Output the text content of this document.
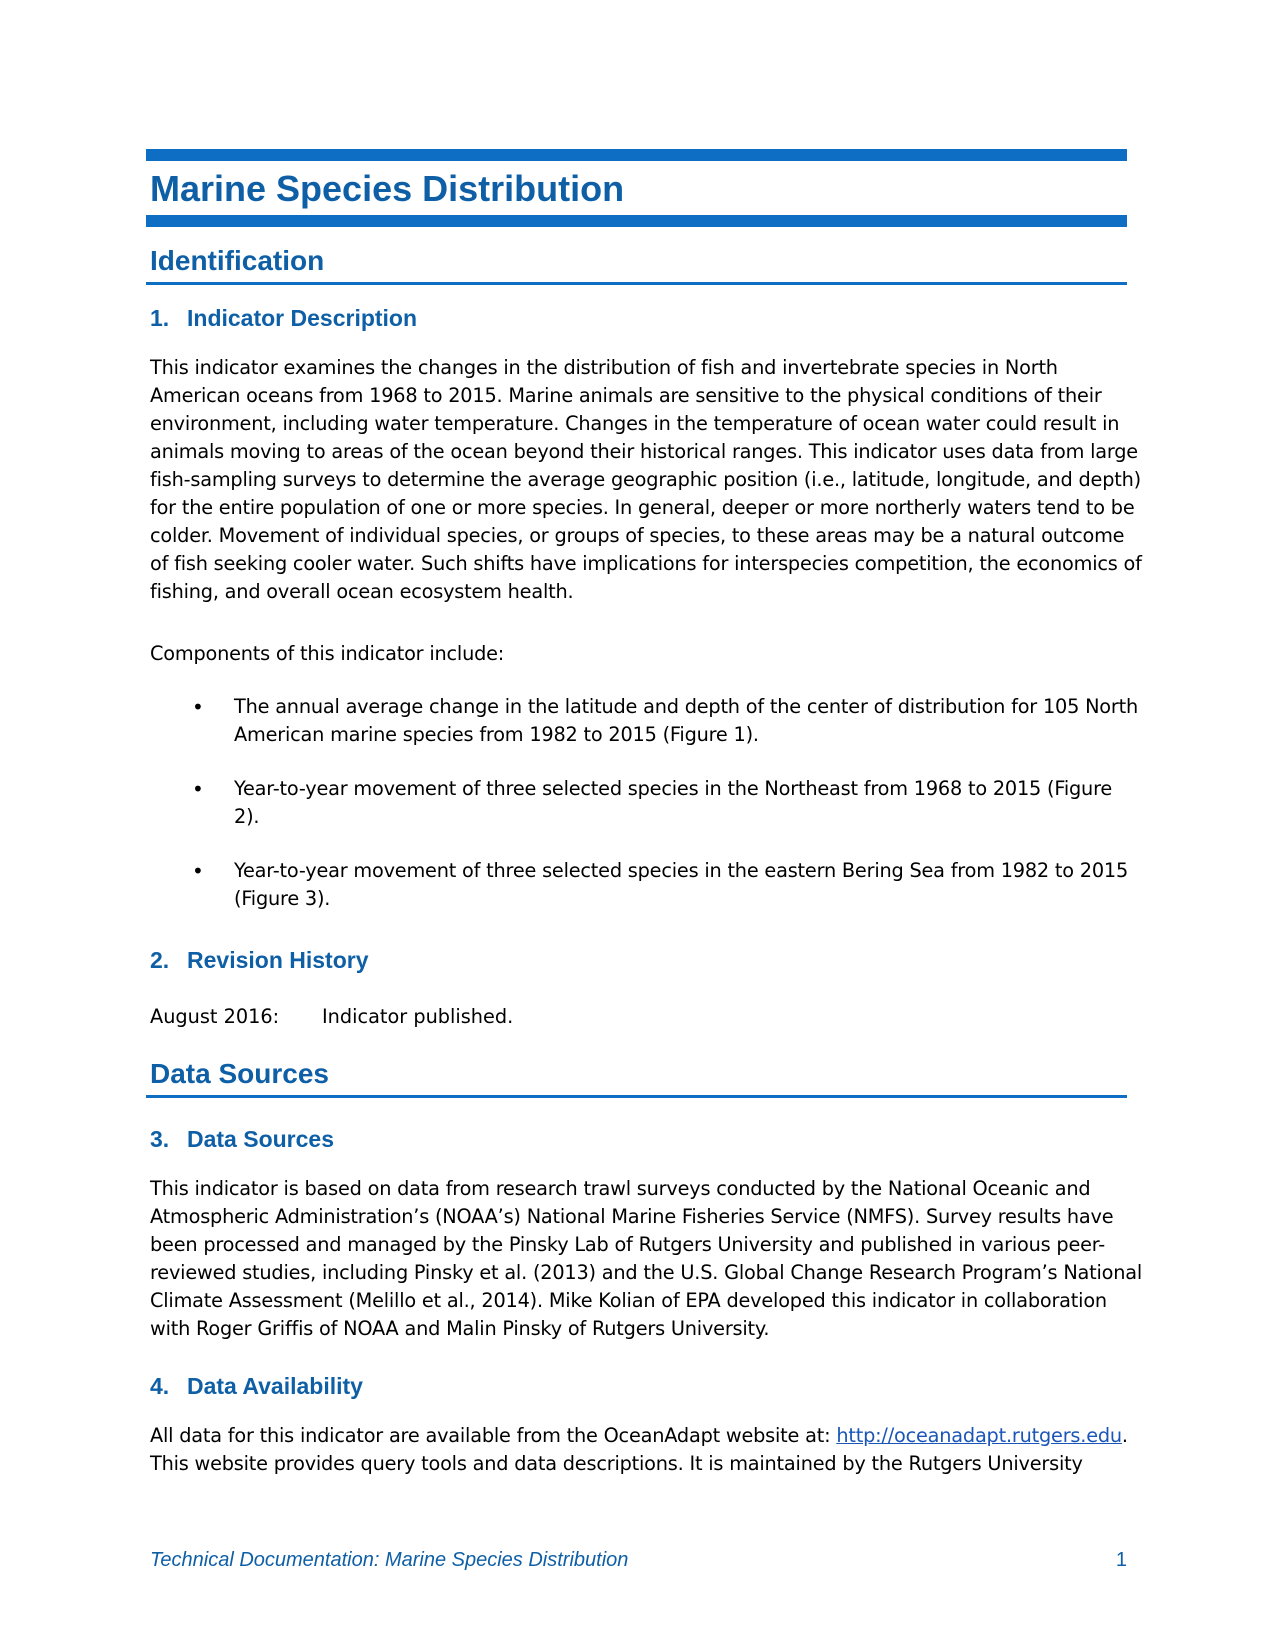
Marine Species Distribution
Identification
1. Indicator Description
This indicator examines the changes in the distribution of fish and invertebrate species in North
American oceans from 1968 to 2015. Marine animals are sensitive to the physical conditions of their
environment, including water temperature. Changes in the temperature of ocean water could result in
animals moving to areas of the ocean beyond their historical ranges. This indicator uses data from large
fish-sampling surveys to determine the average geographic position (i.e., latitude, longitude, and depth)
for the entire population of one or more species. In general, deeper or more northerly waters tend to be
colder. Movement of individual species, or groups of species, to these areas may be a natural outcome
of fish seeking cooler water. Such shifts have implications for interspecies competition, the economics of
fishing, and overall ocean ecosystem health.
Components of this indicator include:
• The annual average change in the latitude and depth of the center of distribution for 105 North
American marine species from 1982 to 2015 (Figure 1).
• Year-to-year movement of three selected species in the Northeast from 1968 to 2015 (Figure
2).
• Year-to-year movement of three selected species in the eastern Bering Sea from 1982 to 2015
(Figure 3).
2. Revision History
August 2016: Indicator published.
Data Sources
3. Data Sources
This indicator is based on data from research trawl surveys conducted by the National Oceanic and
Atmospheric Administration’s (NOAA’s) National Marine Fisheries Service (NMFS). Survey results have
been processed and managed by the Pinsky Lab of Rutgers University and published in various peer-
reviewed studies, including Pinsky et al. (2013) and the U.S. Global Change Research Program’s National
Climate Assessment (Melillo et al., 2014). Mike Kolian of EPA developed this indicator in collaboration
with Roger Griffis of NOAA and Malin Pinsky of Rutgers University.
4. Data Availability
All data for this indicator are available from the OceanAdapt website at: http://oceanadapt.rutgers.edu.
This website provides query tools and data descriptions. It is maintained by the Rutgers University
Technical Documentation: Marine Species Distribution	1
